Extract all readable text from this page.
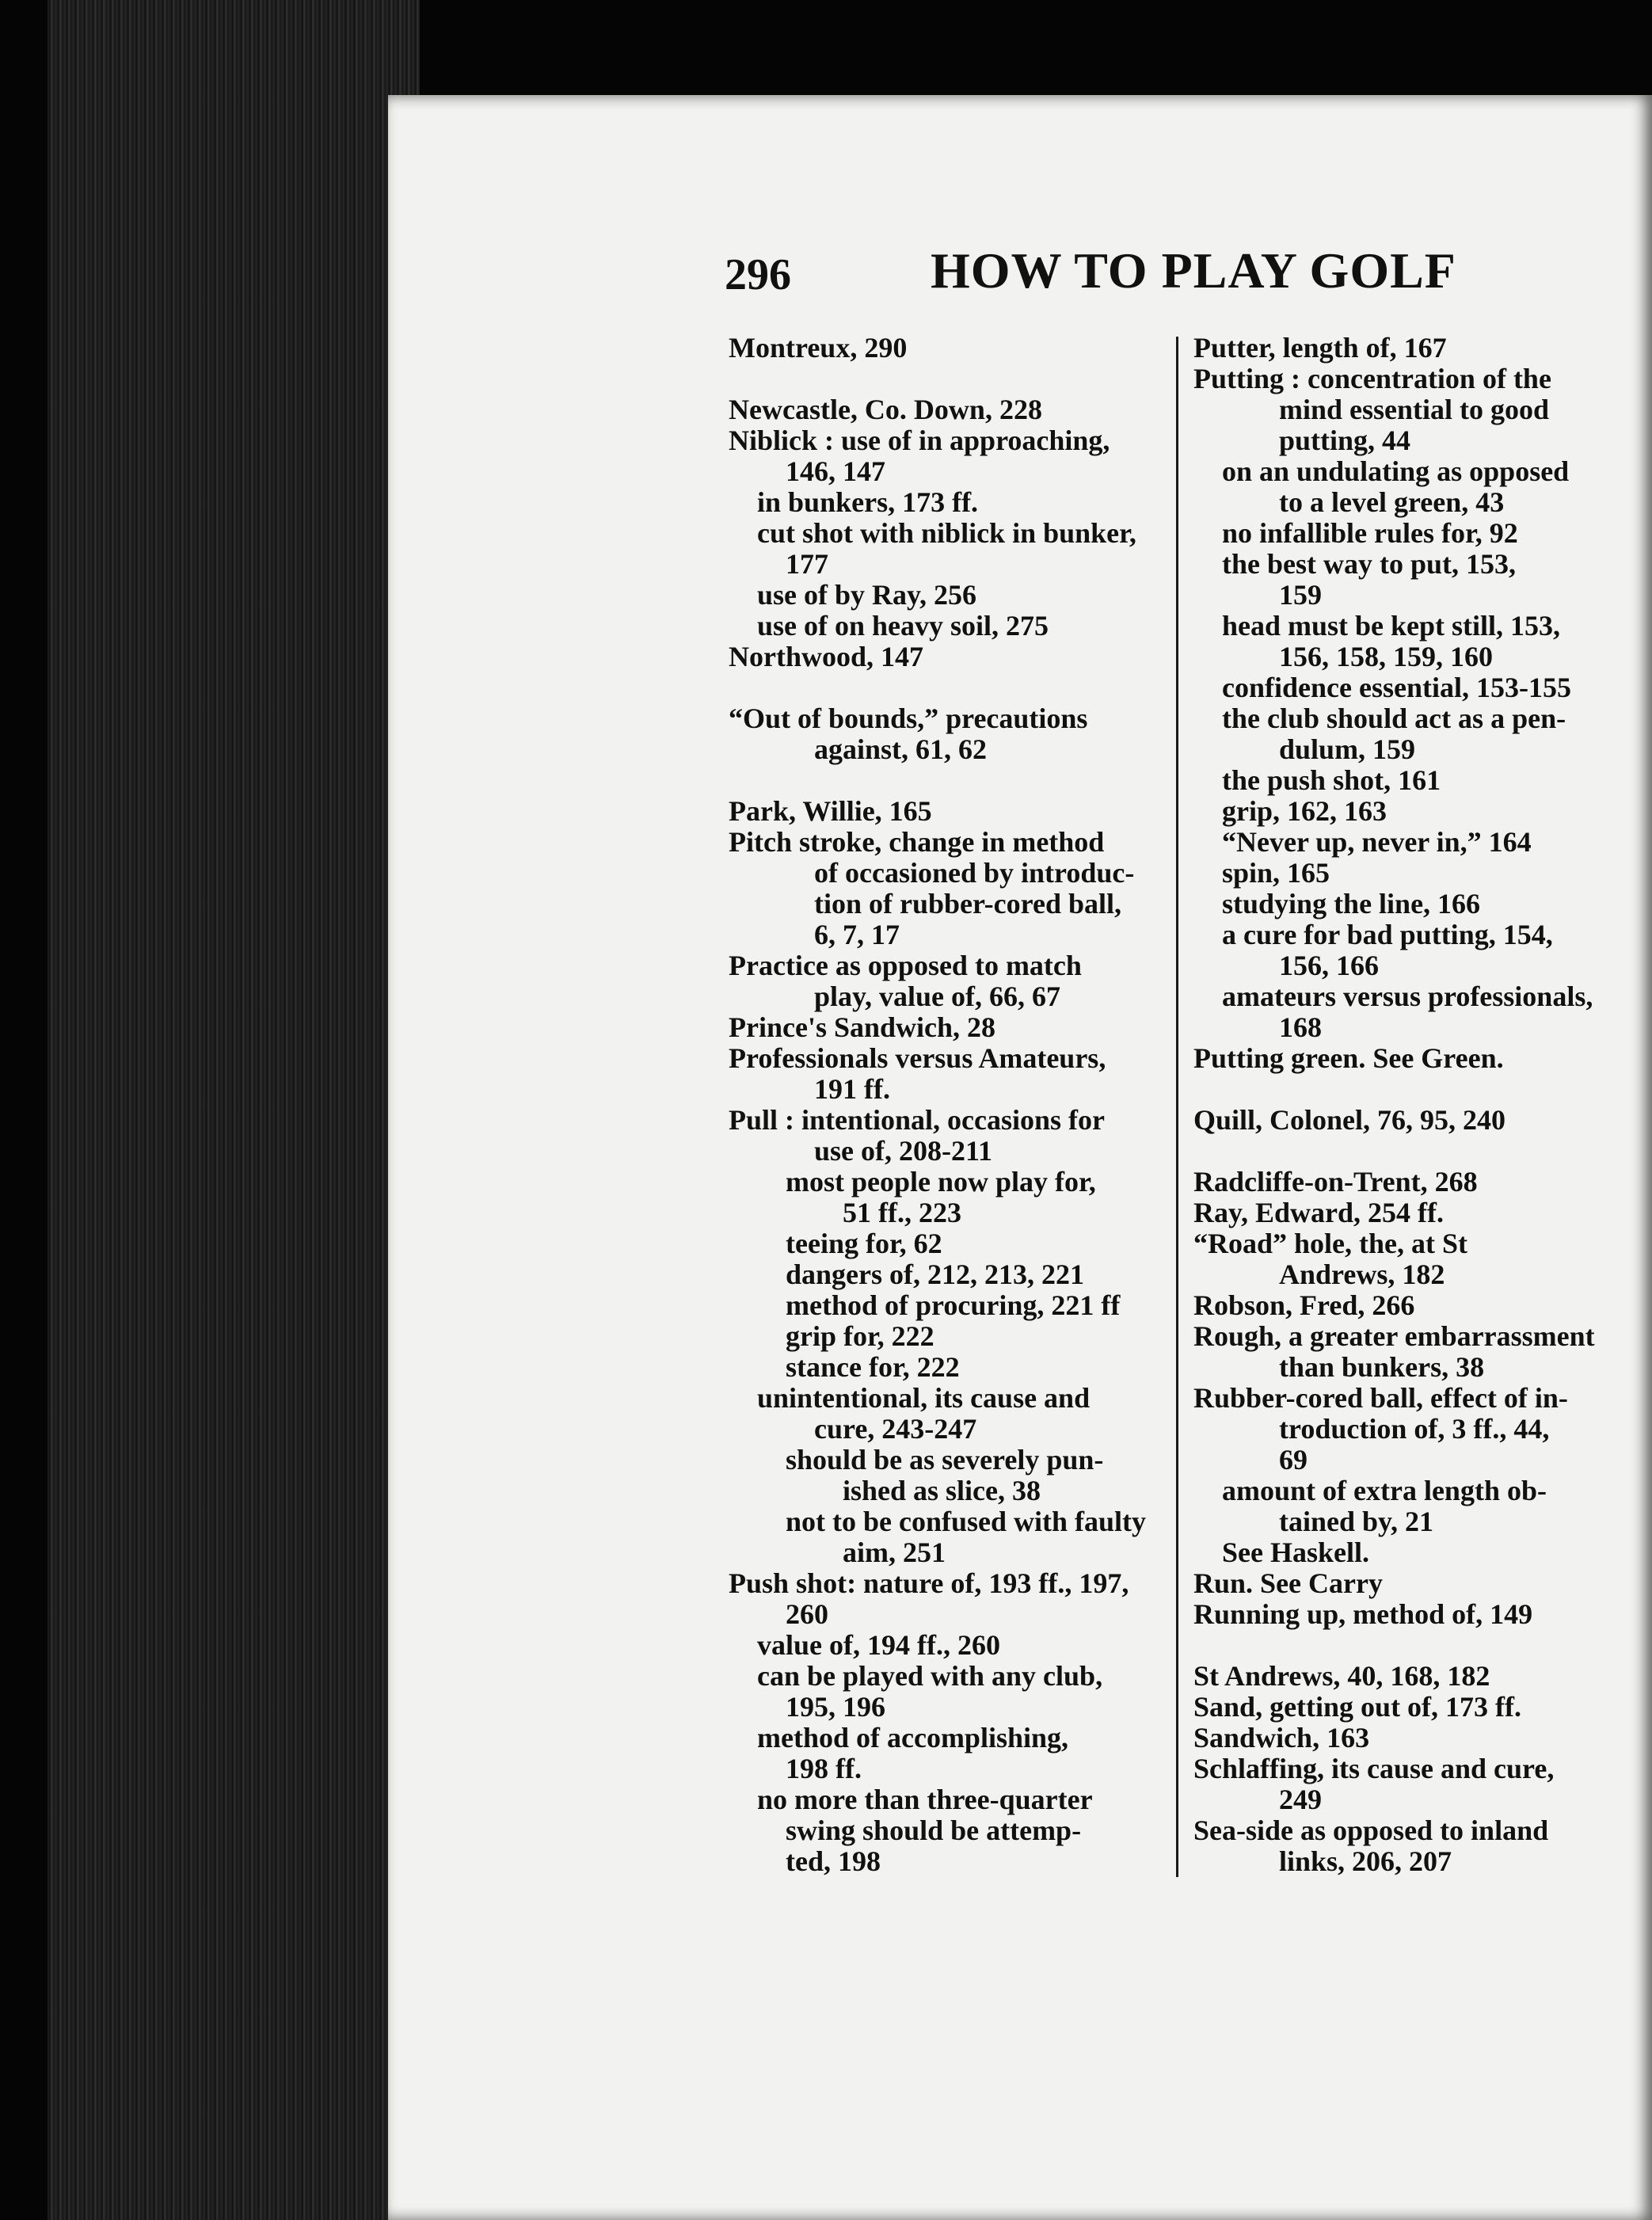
296	HOW TO PLAY GOLF
Montreux, 290
Newcastle, Co. Down, 228
Niblick : use of in approaching,
146, 147
in bunkers, 173 ff.
cut shot with niblick in bunker,
177
use of by Ray, 256
use of on heavy soil, 275
Northwood, 147
“Out of bounds,” precautions
against, 61, 62
Park, Willie, 165
Pitch stroke, change in method
of occasioned by introduc-
tion of rubber-cored ball,
6, 7, 17
Practice as opposed to match
play, value of, 66, 67
Prince's Sandwich, 28
Professionals versus Amateurs,
191 ff.
Pull : intentional, occasions for
use of, 208-211
most people now play for,
51 ff., 223
teeing for, 62
dangers of, 212, 213, 221
method of procuring, 221 ff
grip for, 222
stance for, 222
unintentional, its cause and
cure, 243-247
should be as severely pun-
ished as slice, 38
not to be confused with faulty
aim, 251
Push shot: nature of, 193 ff., 197,
260
value of, 194 ff., 260
can be played with any club,
195, 196
method of accomplishing,
198 ff.
no more than three-quarter
swing should be attemp-
ted, 198
Putter, length of, 167
Putting : concentration of the
mind essential to good
putting, 44
on an undulating as opposed
to a level green, 43
no infallible rules for, 92
the best way to put, 153,
159
head must be kept still, 153,
156, 158, 159, 160
confidence essential, 153-155
the club should act as a pen-
dulum, 159
the push shot, 161
grip, 162, 163
“Never up, never in,” 164
spin, 165
studying the line, 166
a cure for bad putting, 154,
156, 166
amateurs versus professionals,
168
Putting green. See Green.
Quill, Colonel, 76, 95, 240
Radcliffe-on-Trent, 268
Ray, Edward, 254 ff.
“Road” hole, the, at St
Andrews, 182
Robson, Fred, 266
Rough, a greater embarrassment
than bunkers, 38
Rubber-cored ball, effect of in-
troduction of, 3 ff., 44,
69
amount of extra length ob-
tained by, 21
See Haskell.
Run. See Carry
Running up, method of, 149
St Andrews, 40, 168, 182
Sand, getting out of, 173 ff.
Sandwich, 163
Schlaffing, its cause and cure,
249
Sea-side as opposed to inland
links, 206, 207
